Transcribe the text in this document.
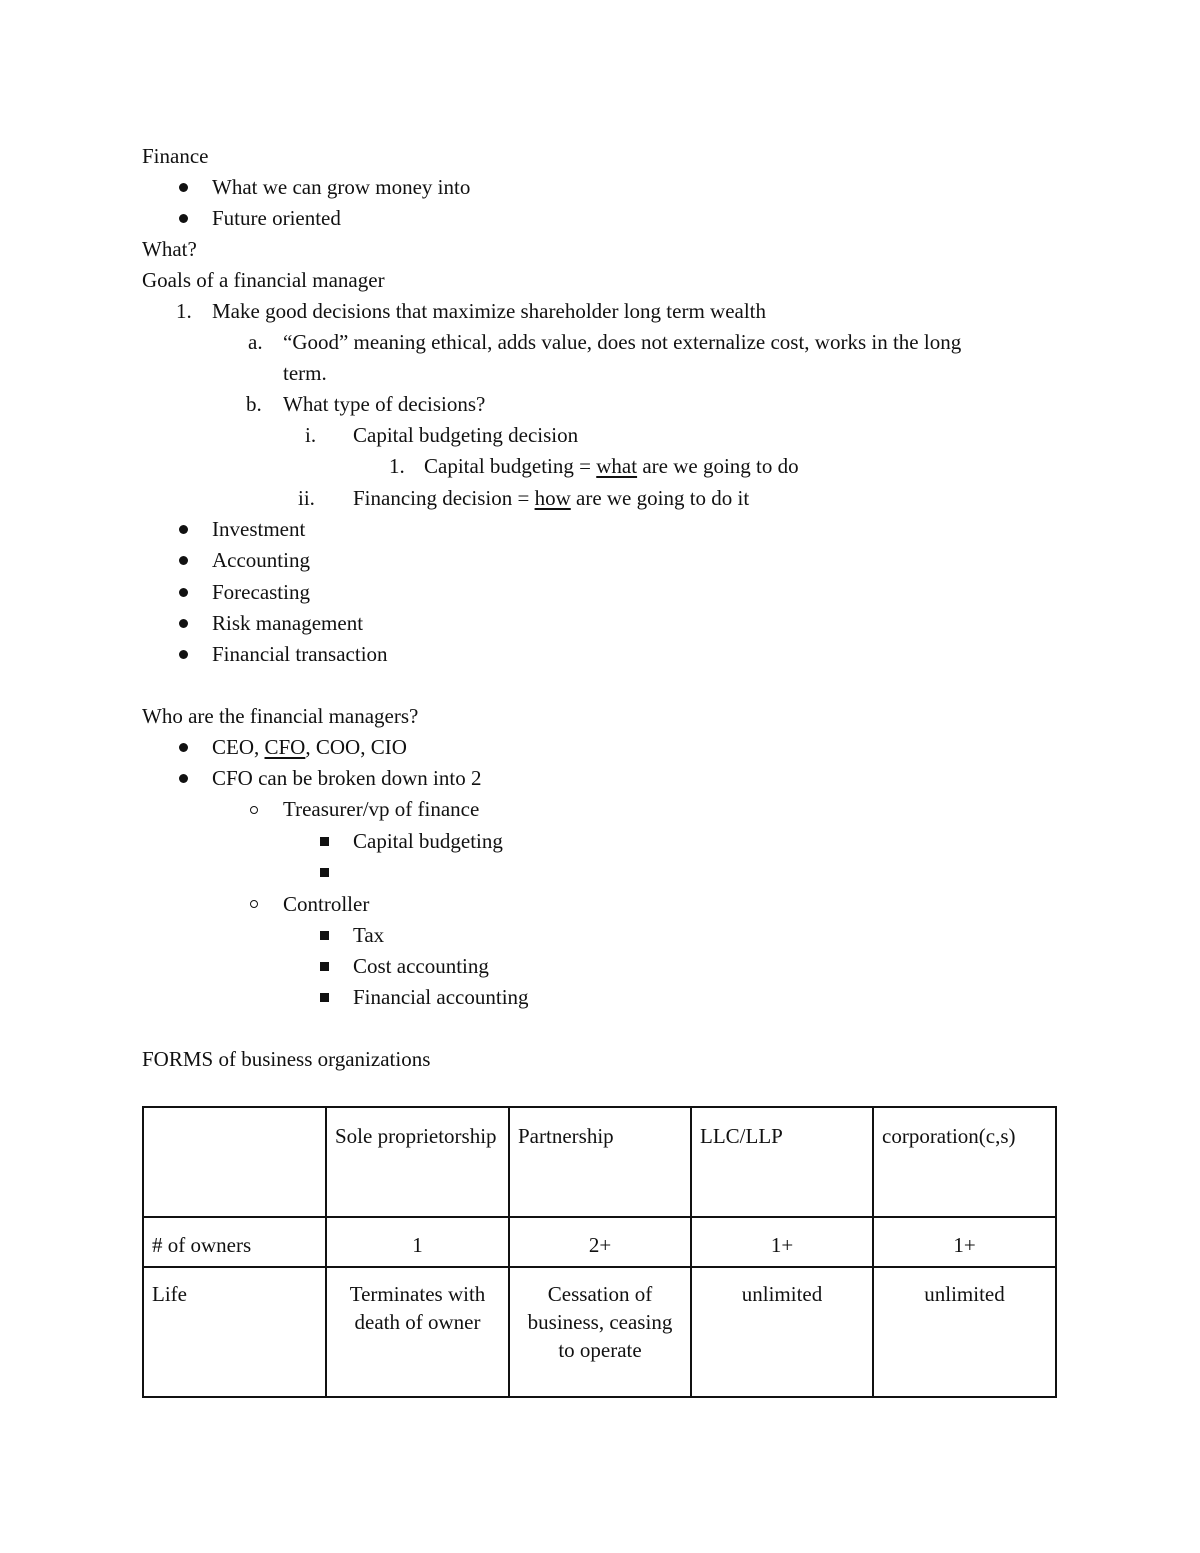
Finance
What we can grow money into
Future oriented
What?
Goals of a financial manager
1. Make good decisions that maximize shareholder long term wealth
a. “Good” meaning ethical, adds value, does not externalize cost, works in the long
term.
b. What type of decisions?
i. Capital budgeting decision
1. Capital budgeting = what are we going to do
ii. Financing decision = how are we going to do it
Investment
Accounting
Forecasting
Risk management
Financial transaction
Who are the financial managers?
CEO, CFO, COO, CIO
CFO can be broken down into 2
Treasurer/vp of finance
Capital budgeting
Controller
Tax
Cost accounting
Financial accounting
FORMS of business organizations
	Sole proprietorship	Partnership	LLC/LLP	corporation(c,s)
# of owners	1	2+	1+	1+
Life	Terminates with death of owner	Cessation of business, ceasing to operate	unlimited	unlimited
